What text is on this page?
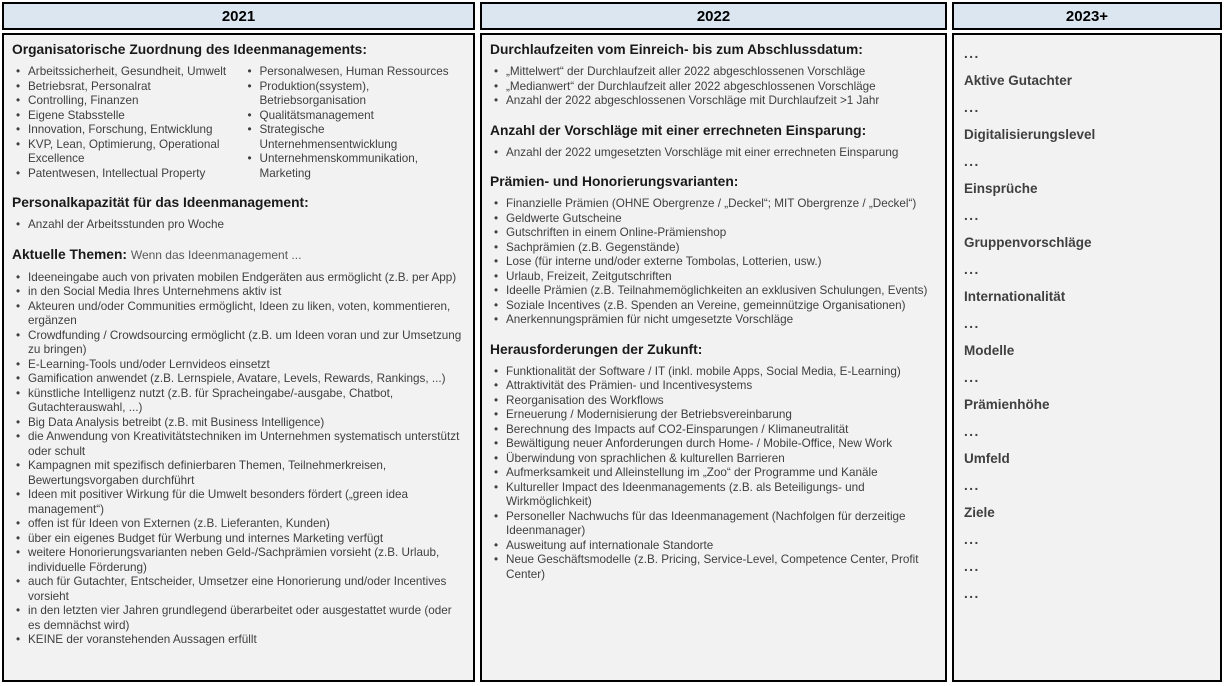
2021	2022	2023+
Organisatorische Zuordnung des Ideenmanagements:
• Arbeitssicherheit, Gesundheit, Umwelt
• Betriebsrat, Personalrat
• Controlling, Finanzen
• Eigene Stabsstelle
• Innovation, Forschung, Entwicklung
• KVP, Lean, Optimierung, Operational Excellence
• Patentwesen, Intellectual Property
• Personalwesen, Human Ressources
• Produktion(ssystem), Betriebsorganisation
• Qualitätsmanagement
• Strategische Unternehmensentwicklung
• Unternehmenskommunikation, Marketing
Personalkapazität für das Ideenmanagement:
• Anzahl der Arbeitsstunden pro Woche
Aktuelle Themen: Wenn das Ideenmanagement ...
• Ideeneingabe auch von privaten mobilen Endgeräten aus ermöglicht (z.B. per App)
• in den Social Media Ihres Unternehmens aktiv ist
• Akteuren und/oder Communities ermöglicht, Ideen zu liken, voten, kommentieren, ergänzen
• Crowdfunding / Crowdsourcing ermöglicht (z.B. um Ideen voran und zur Umsetzung zu bringen)
• E-Learning-Tools und/oder Lernvideos einsetzt
• Gamification anwendet (z.B. Lernspiele, Avatare, Levels, Rewards, Rankings, ...)
• künstliche Intelligenz nutzt (z.B. für Spracheingabe/-ausgabe, Chatbot, Gutachterauswahl, ...)
• Big Data Analysis betreibt (z.B. mit Business Intelligence)
• die Anwendung von Kreativitätstechniken im Unternehmen systematisch unterstützt oder schult
• Kampagnen mit spezifisch definierbaren Themen, Teilnehmerkreisen, Bewertungsvorgaben durchführt
• Ideen mit positiver Wirkung für die Umwelt besonders fördert („green idea management“)
• offen ist für Ideen von Externen (z.B. Lieferanten, Kunden)
• über ein eigenes Budget für Werbung und internes Marketing verfügt
• weitere Honorierungsvarianten neben Geld-/Sachprämien vorsieht (z.B. Urlaub, individuelle Förderung)
• auch für Gutachter, Entscheider, Umsetzer eine Honorierung und/oder Incentives vorsieht
• in den letzten vier Jahren grundlegend überarbeitet oder ausgestattet wurde (oder es demnächst wird)
• KEINE der voranstehenden Aussagen erfüllt
Durchlaufzeiten vom Einreich- bis zum Abschlussdatum:
• „Mittelwert“ der Durchlaufzeit aller 2022 abgeschlossenen Vorschläge
• „Medianwert“ der Durchlaufzeit aller 2022 abgeschlossenen Vorschläge
• Anzahl der 2022 abgeschlossenen Vorschläge mit Durchlaufzeit >1 Jahr
Anzahl der Vorschläge mit einer errechneten Einsparung:
• Anzahl der 2022 umgesetzten Vorschläge mit einer errechneten Einsparung
Prämien- und Honorierungsvarianten:
• Finanzielle Prämien (OHNE Obergrenze / „Deckel“; MIT Obergrenze / „Deckel“)
• Geldwerte Gutscheine
• Gutschriften in einem Online-Prämienshop
• Sachprämien (z.B. Gegenstände)
• Lose (für interne und/oder externe Tombolas, Lotterien, usw.)
• Urlaub, Freizeit, Zeitgutschriften
• Ideelle Prämien (z.B. Teilnahmemöglichkeiten an exklusiven Schulungen, Events)
• Soziale Incentives (z.B. Spenden an Vereine, gemeinnützige Organisationen)
• Anerkennungsprämien für nicht umgesetzte Vorschläge
Herausforderungen der Zukunft:
• Funktionalität der Software / IT (inkl. mobile Apps, Social Media, E-Learning)
• Attraktivität des Prämien- und Incentivesystems
• Reorganisation des Workflows
• Erneuerung / Modernisierung der Betriebsvereinbarung
• Berechnung des Impacts auf CO2-Einsparungen / Klimaneutralität
• Bewältigung neuer Anforderungen durch Home- / Mobile-Office, New Work
• Überwindung von sprachlichen & kulturellen Barrieren
• Aufmerksamkeit und Alleinstellung im „Zoo“ der Programme und Kanäle
• Kultureller Impact des Ideenmanagements (z.B. als Beteiligungs- und Wirkmöglichkeit)
• Personeller Nachwuchs für das Ideenmanagement (Nachfolgen für derzeitige Ideenmanager)
• Ausweitung auf internationale Standorte
• Neue Geschäftsmodelle (z.B. Pricing, Service-Level, Competence Center, Profit Center)
...
Aktive Gutachter
...
Digitalisierungslevel
...
Einsprüche
...
Gruppenvorschläge
...
Internationalität
...
Modelle
...
Prämienhöhe
...
Umfeld
...
Ziele
...
...
...
